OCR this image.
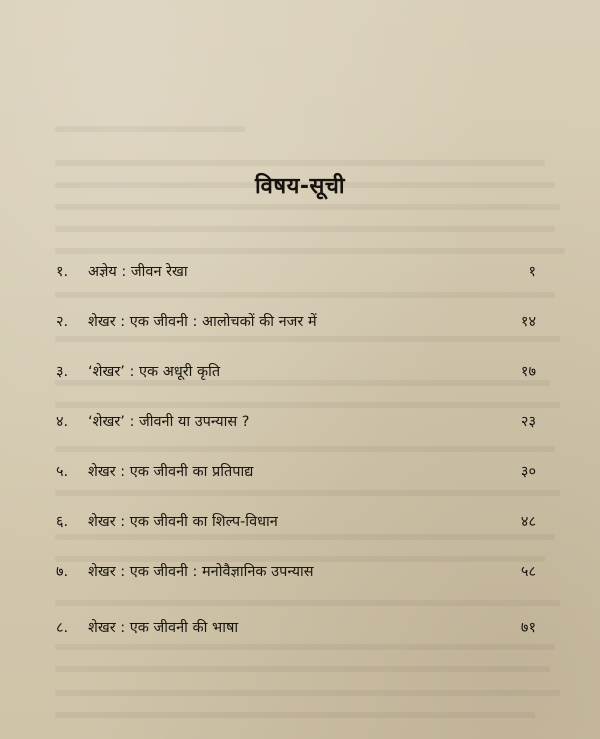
विषय-सूची
१.	अज्ञेय : जीवन रेखा	१
२.	शेखर : एक जीवनी : आलोचकों की नजर में	१४
३.	‘शेखर’ : एक अधूरी कृति	१७
४.	‘शेखर’ : जीवनी या उपन्यास ?	२३
५.	शेखर : एक जीवनी का प्रतिपाद्य	३०
६.	शेखर : एक जीवनी का शिल्प-विधान	४८
७.	शेखर : एक जीवनी : मनोवैज्ञानिक उपन्यास	५८
८.	शेखर : एक जीवनी की भाषा	७१
